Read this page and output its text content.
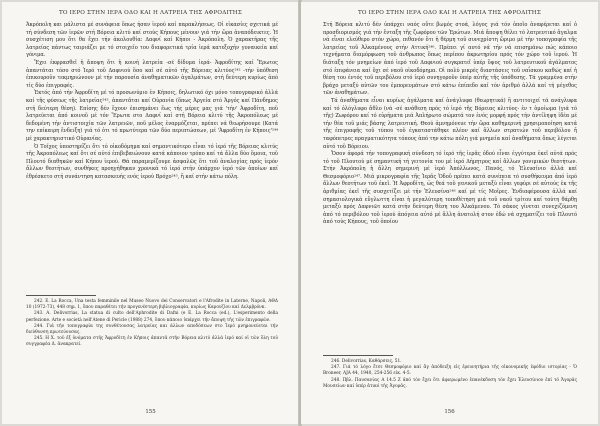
ΤΟ ΙΕΡΟ ΣΤΗΝ ΙΕΡΑ ΟΔΟ ΚΑΙ Η ΛΑΤΡΕΙΑ ΤΗΣ ΑΦΡΟΔΙΤΗΣ

Ἀκρόπολη και μάλιστα μέ συνάφεια ὅπως ήσαν ἱερού καί παρακλήσεως. Οἱ εἰκασίες σχετικά μέ τή σύνδεση τῶν ἱερῶν στή Βόρεια κλιτύ καί στούς Κήπους μένουν γιά τήν ὥρα ἀναπόδεικτες. Ἡ συσχέτιση μου ὅτι θα ἔχει τήν ἀκολουθία: Δαφνί καί Κήποι - Ἀκρόπολη. Ὁ χαρακτήρας τῆς λατρείας πάντως ταιριάζει με τό στοιχεῖο του διαφορετικά τρία ἱερά κατεξοχήν γυναικεία καί γόνιμα.

Ἔχει ἐκφρασθεῖ ἡ ἄποψη ὅτι ἡ κοινή λατρεία -σέ δίδυμα ἱερά- Ἀφροδίτης καί Ἔρωτος ἀπαντάται τόσο στό Ἱερό τοῦ Δαφνιού ὅσο καί σέ αὐτό τῆς Βόρειας κλιτύος²⁴² -τήν ὑπόθεση ἐπικουροῦν τεκμηριώνουν μέ τήν παρουσία ἀναθηματικῶν ἀγαλμάτων, στή δεύτερη κυρίως ἀπό τίς δύο ἐπιγραφές.

Ἐκτός ἀπό τήν Ἀφροδίτη μέ τό προσωνύμιο ἐν Κήποις, δηλωτικό όχι μόνο τοπογραφικό ἀλλά καί τῆς φύσεως τῆς λατρείας²⁴³, ἀπαντᾶται καί Οὐρανία (ὅπως Ἀργεία στό Ἀργός καί Πάνδημος στή δεύτερη θέση). Επίσης δέν ἔχουν ἐπισημάνει ἕως τής μέρες μας γιά 'τήν' Ἀφροδίτη, ποῦ λατρεύεται ἀπό κοινοῦ μέ τόν Ἔρωτα στο Δαφνί καί στή Βόρεια κλιτύ τῆς Ἀκροπόλεως μέ δεδομένη τήν ἀντιστοιχία τῶν λατρειῶν, ποῦ μέλος ἐναρμόζεται, πρέπει νά θεωρήσουμε (Κατά την επίκαιρη ἔνδειξη) γιά τό ὁτι τό πρωτύτερα τῶν δύο περιπτώσεων, μέ 'Ἀφροδίτη ἐν Κήποις'²⁴⁴ μέ χαρακτηριστικό Οὐρανίας.

Ὁ Τοῖχος ὑποστηρίζει ὅτι τό οἰκοδόμημα καί σημαντικότερο εἶναι τό ἱερό τῆς Βόρειας κλιτύς τῆς Ἀκροπόλεως καί ὅτι σέ αὐτό ἐπιβεβαιώνουν κατά κάποιον τρόπο καί τά ἄλλα δύο ὅμοια, τοῦ Πλουτό διαθηκῶν καί Κήπου ἱερού. Θά παραμερίζουμε ἀσφαλῶς ὅτι τοῦ ἀναλογίας πρός ἱερόν ἄλλων θεοτήτων, συνθήκες προηγήθηκαν χρονικά τό ἱερό στήν ὑπάρχον ἱερό τῶν ὁποίων καί ἐθρέσκετο στή συνάντηση κατασκευής ενός ἱερού Βρόχο²⁴⁵, ἤ καί στήν κάτω πόλη.

242. E. La Rocca, Una testa femminile nel Museo Nuovo dei Conservatori e l'Afrodite in Laterne, Napoli, ΑΘΔ 10 (1972-73), 448 σημ. 1, ὅπου παραθέτει τήν προγενέστερη βιβλιογραφία, κυρίως Καρουζίου καί Δελμβρόνκ.

243. A. Delivorrias, La statua di culto dell'Aphrodite di Dafni (e E. La Rocca (ed.), L'esperimento della perfezione. Arte e società nell'Atene di Pericle (1988) 274, ὅπου κάποιο ὑπάρχει τήν ἄποψη τῆς τῶν ἐπιγραφῶν.

244. Γιά τήν τοπογραφία της συνθέτουσας λατρείας και άλλων αποδόσεων στο Ἱερό μνημονεύεται τήν διεύθυνση πρωτεύουσας.

245. Η Χ. τοῦ ἐξ ὀνόματα στῆς Ἀφροδίτη ἐν Κήποις ἀπαντᾶ στήν Βόρεια κλιτύ ἀλλά ἱερό καί οἱ τῶν ὅλη τοῦ συγγραφέα Δ. ἀνακρατεί.

155
ΤΟ ΙΕΡΟ ΣΤΗΝ ΙΕΡΑ ΟΔΟ ΚΑΙ Η ΛΑΤΡΕΙΑ ΤΗΣ ΑΦΡΟΔΙΤΗΣ

Στή Βόρεια κλιτύ δέν ὑπάρχει ναός οὔτε βωμός στοά, λόγος γιά τόν ὁποῖο ἀναφέρεται καί ὁ προσδιορισμός γιά τήν ἔνταξη τῆς ζωφόρου τῶν Ἐρώτων. Μιά ἄποψη θέλει τό λατρευτικό ἄγαλμα νά εἶναι ελεύθερο στόν χώρο, πιθανόν ὅτι ἡ θέρμη τοῦ συνεχρίστη ὥριμο μέ τήν τοπογραφία τῆς λατρείας τοῦ Ἀλκαμένους στήν Αττική²⁴⁶. Πρέπει γί αυτό νά τήν νά επισημάνω πώς κάποιο τεχνήματα διαμόρφωση τοῦ άνθρωπος ὅπως περίπου ἀκρωτηρίου πρός τόν χώρο τοῦ ἱερού. Ἡ διάταξη τόν μνημείων ἀπό ἱερό τοῦ Δαφνιού συγκρατεῖ ὑπέρ ὕψος τοῦ λατρευτικοῦ ἀγάλματος στό ἐπιφάνεια καί ὄχι σέ ναοῦ οἰκοδόμημα. Οἱ πολύ μικρές διαστάσεις τοῦ ναΐσκου καθώς καί ἡ θέση του ἐντός τοῦ περιβόλου στό ἱερό συνηγοροῦν ὑπέρ αὐτῆς τῆς ὑπόθεσης. Τά γραμμένα στήν βράχο μεταξύ αὐτῶν του ἐμπορευμάτων στό κάτω ἐπίπεδο καί τόν ἀριθμό ἀλλά καί τή μέγεθος τῶν ἀναθημάτων.

Τά ἀναθήματα εἶναι κυρίως ἀγάλματα καί ἀνάγλυφα (θεωρητικά) ἢ αντιτοιχεί τά ανάγλυφα καί τό ὀλόγλυφο ἄθλο (νά -σέ ανάθεση πρός τό ἱερό τῆς Βόρειας κλιτύος- ἐν τ ὁμοίωμα (γιά τό τῆς) Ζωφόρου καί τό εὐρήματα μιά Ἀπλήρωτο σώματά τον ἐνός μορφή πρός τήν ἀντίληψη ἰδέα μέ τήν θέα τοῦ μιάς βάσης λατρευτική. Θεού ἀμνημόνευε τήν ὥρα καθημερινή χρησιμοποίηση κατά τῆς ἐπιγραφῆς τοῦ τύπου τοῦ ἐγκαταστάθηκε πλέον καί ἄλλων στρατιών τοῦ περιβόλου ἤ ταφόπετρες πραγματικότητα τόπους ἀπό την κάτω πόλη γιά μνημεία καί ἀναθήματα ὅπως λέγεται αὐτό τοῦ Βόρειου.

Ὅσον ἀφορά τήν τοπογραφική σύνδεση τό ἱερό τῆς ἱερᾶς ὁδού εἶναι ἐγγύτερα ἐκεῖ αὐτά πρός τό τοῦ Πλουτού μέ σημαντική τή γειτονία του μέ ἱερό Δήμητρος καί ἄλλων γονιμικών θεοτήτων. Στήν Ἀκρόπολη ἡ ἄλλη σημερινή μέ ἱερό Ἀπόλλωνος, Πανός, τό Ἐλευσίνιο ἀλλά καί Θεσμοφόριο²⁴⁷. Μιά μικρογραφία τῆς Ἱερᾶς Ὁδοῦ πρέπει κατά συνέπεια τό συσθήκευμα ἀπό ἱερό ἄλλων θεοτήτων τοῦ ἐκεῖ. Ἡ Ἀφροδίτη, ὡς θεά τοῦ γενικοῦ μεταξύ εἶναι γεφύρι σέ αὐτούς ἐκ τῆς ἀριθμίας ἐκεῖ τῆς συσχετίζει μέ τήν Ἐλευσίνα²⁴⁸ καί μέ τίς Μοῖρες. Ἐνδιαφέρουσα ἀλλά καί σημασιολογικά εὔγλωττη εἶναι ἡ μεγαλύτερη τοποθέτηση μιά τοῦ ναοῦ τρίτου καί τούτη θάρθῃ μεταξύ πρός Δαφνιῶτ κατά στήν δεύτερη θέση του Ἀλκάμενου. Τὸ σάκος γίνεται συνεχιζόμενη ἀπό τό περιβόλου τοῦ ἱερού ἀπόγεια αὐτό μέ ἄλλη ἀνατολή στον ἐδώ νά σχηματίζει τοῦ Πλουτό ἀπό τοὺς Κήπους, τοῦ ὁποίου

246. Delivorrias, Καθάρσεις, 51.

247. Γιά τό λόγο ἔτσι Θεσμοφόριο καί ἄγ ἀπόδειξη εἰς ἐρευνητήρια τῆς οἰκονομικῆς ἐφόδιο ιστορίας - Ὁ Broneer, AJA 44, 1940, 254-256 είκ. 4-5.

248. Πβλ. Παυσανίας Α 14.5 Ζ ἀπό τόν ἔχει ὅτι ἀφιερωμένο ἐπανέκδοση τόν ἔχει Ἐλευσίνιον ἐπί τό Ἀγορᾶς Μουσείων καί ὑπέρ ἀτικό τῆς Ἀγορᾶς.

156
